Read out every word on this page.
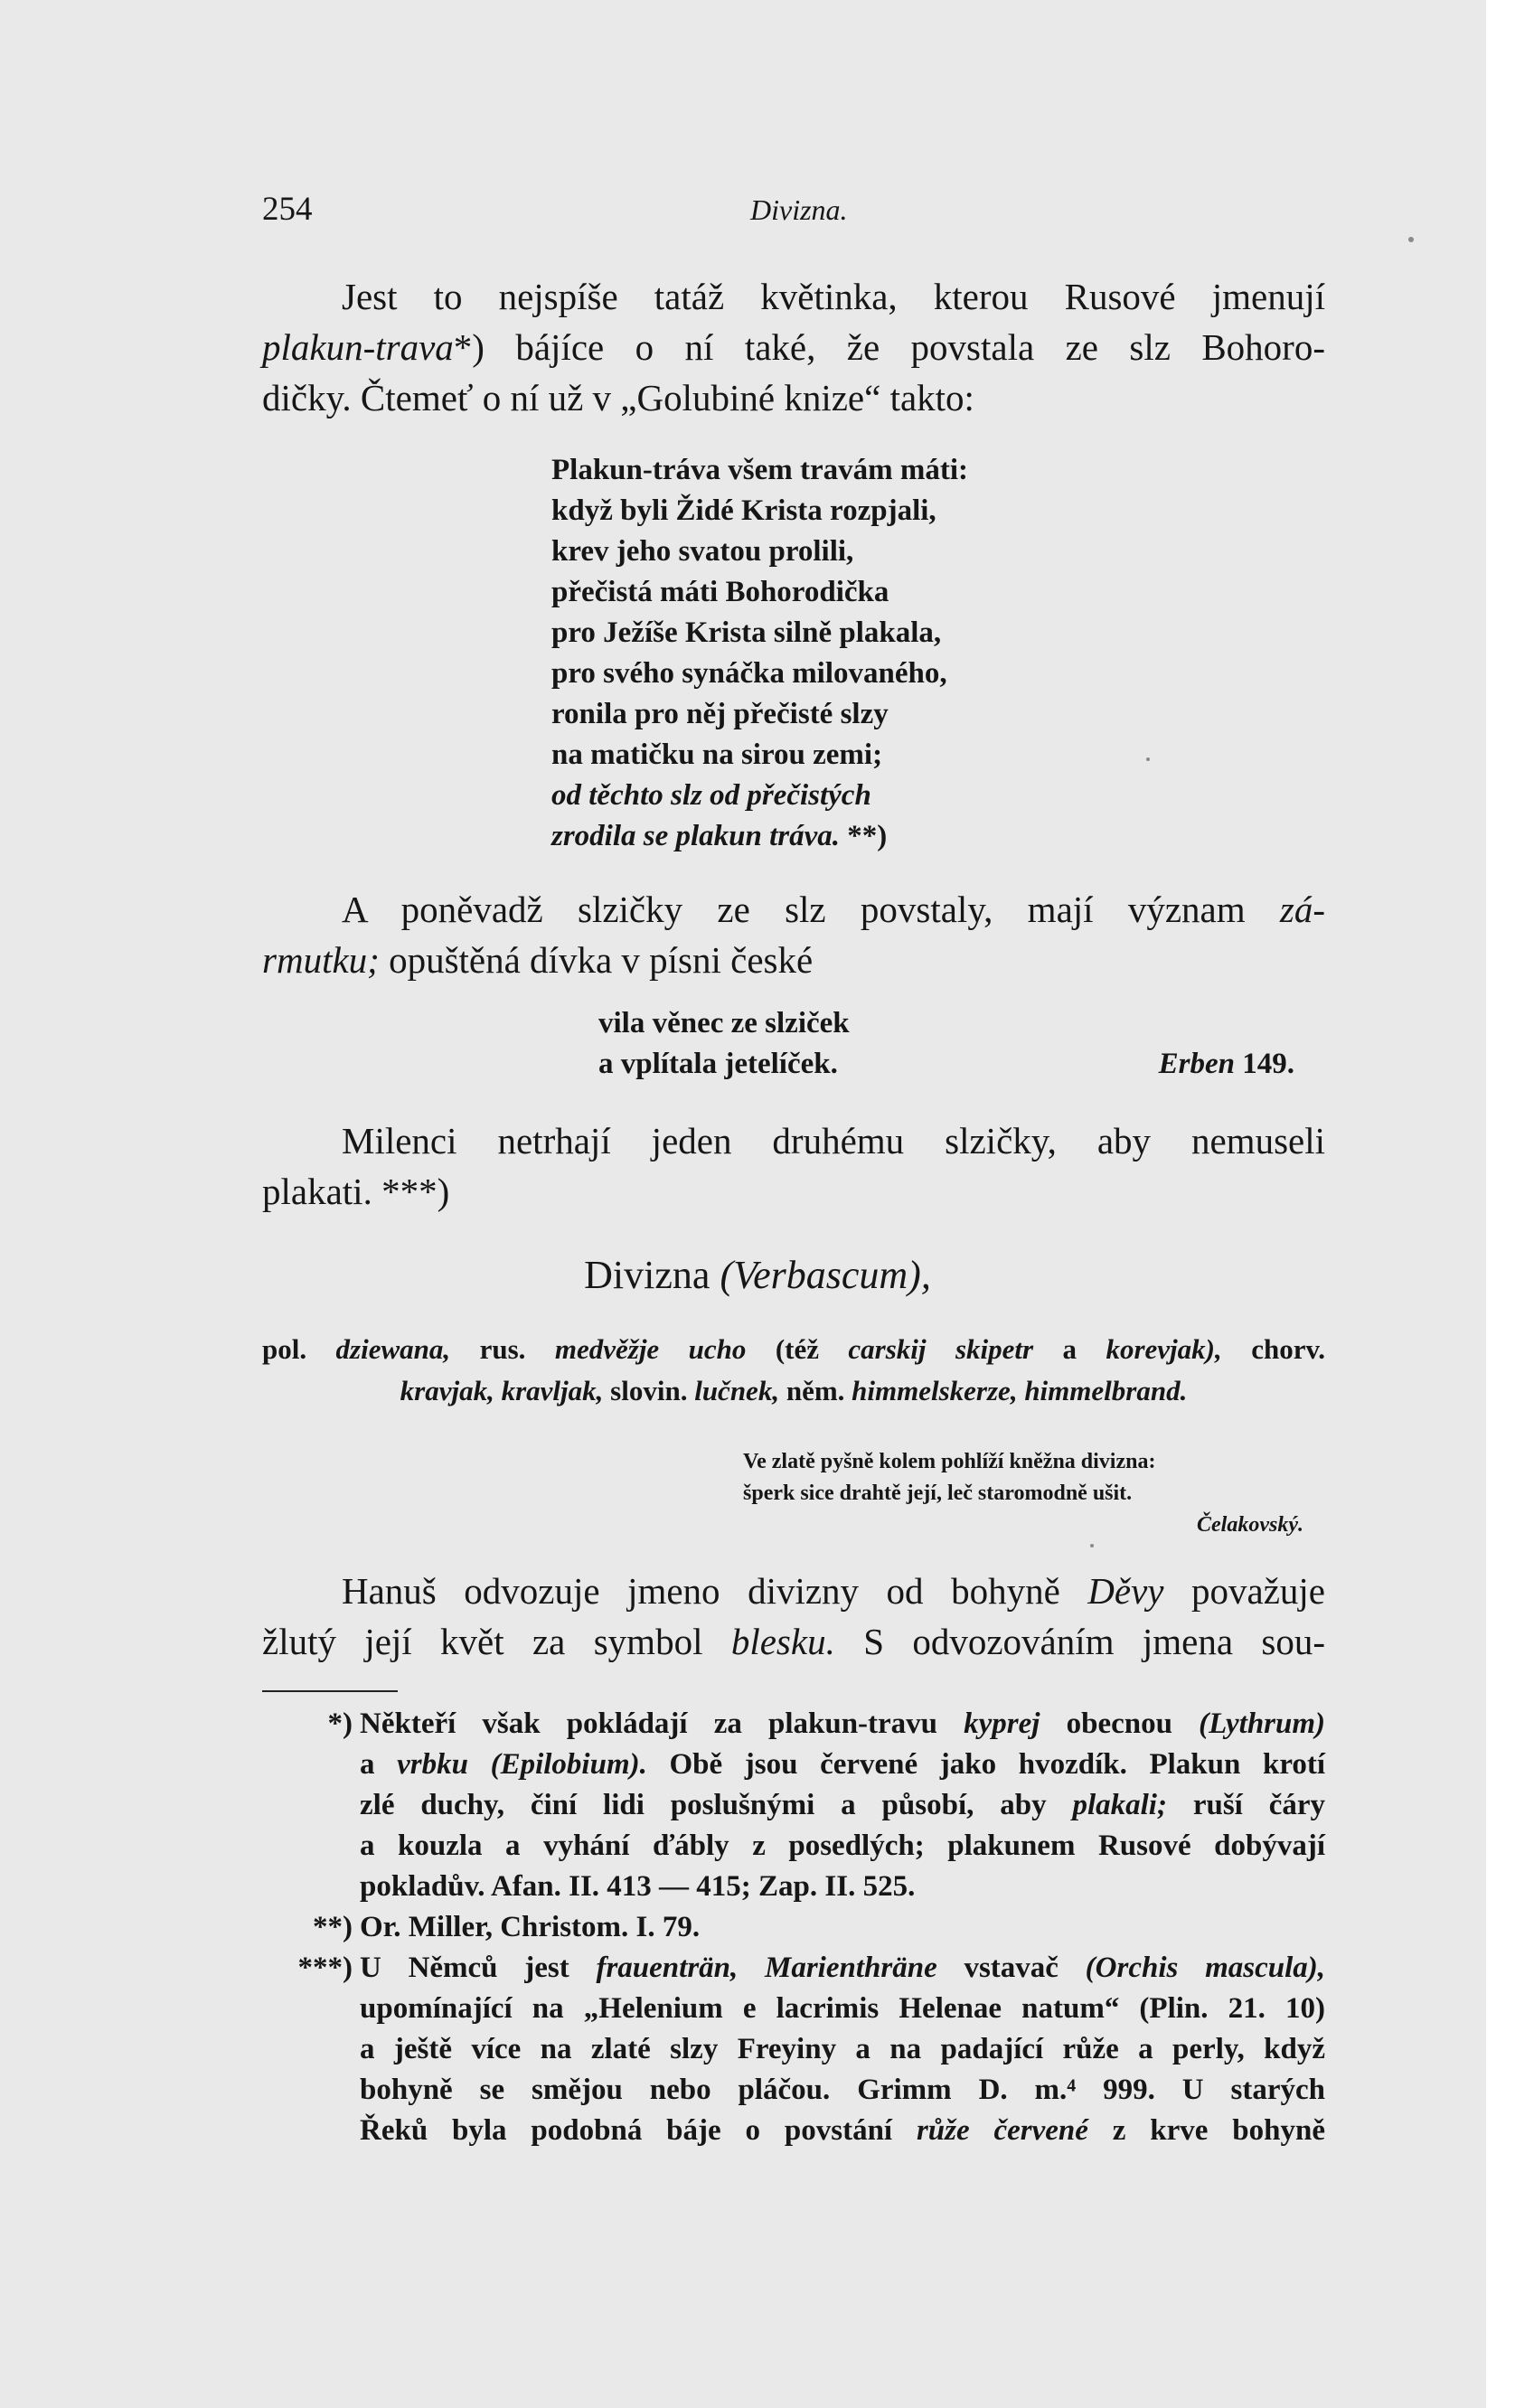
254	Divizna.
Jest to nejspíše tatáž květinka, kterou Rusové jmenují
plakun-trava*) bájíce o ní také, že povstala ze slz Bohoro-
dičky. Čtemeť o ní už v „Golubiné knize“ takto:
Plakun-tráva všem travám máti:
když byli Židé Krista rozpjali,
krev jeho svatou prolili,
přečistá máti Bohorodička
pro Ježíše Krista silně plakala,
pro svého synáčka milovaného,
ronila pro něj přečisté slzy
na matičku na sirou zemi;
od těchto slz od přečistých
zrodila se plakun tráva. **)
A poněvadž slzičky ze slz povstaly, mají význam zá-
rmutku; opuštěná dívka v písni české
vila věnec ze slziček
a vplítala jetelíček.	Erben 149.
Milenci netrhají jeden druhému slzičky, aby nemuseli
plakati. ***)
Divizna (Verbascum),
pol. dziewana, rus. medvěžje ucho (též carskij skipetr a korevjak), chorv.
kravjak, kravljak, slovin. lučnek, něm. himmelskerze, himmelbrand.
Ve zlatě pyšně kolem pohlíží kněžna divizna:
šperk sice drahtě její, leč staromodně ušit.
Čelakovský.
Hanuš odvozuje jmeno divizny od bohyně Děvy považuje
žlutý její květ za symbol blesku. S odvozováním jmena sou-
*) Někteří však pokládají za plakun-travu kyprej obecnou (Lythrum)
a vrbku (Epilobium). Obě jsou červené jako hvozdík. Plakun krotí
zlé duchy, činí lidi poslušnými a působí, aby plakali; ruší čáry
a kouzla a vyhání ďábly z posedlých; plakunem Rusové dobývají
pokladův. Afan. II. 413 — 415; Zap. II. 525.
**) Or. Miller, Christom. I. 79.
***) U Němců jest frauenträn, Marienthräne vstavač (Orchis mascula),
upomínající na „Helenium e lacrimis Helenae natum“ (Plin. 21. 10)
a ještě více na zlaté slzy Freyiny a na padající růže a perly, když
bohyně se smějou nebo pláčou. Grimm D. m.⁴ 999. U starých
Řeků byla podobná báje o povstání růže červené z krve bohyně
